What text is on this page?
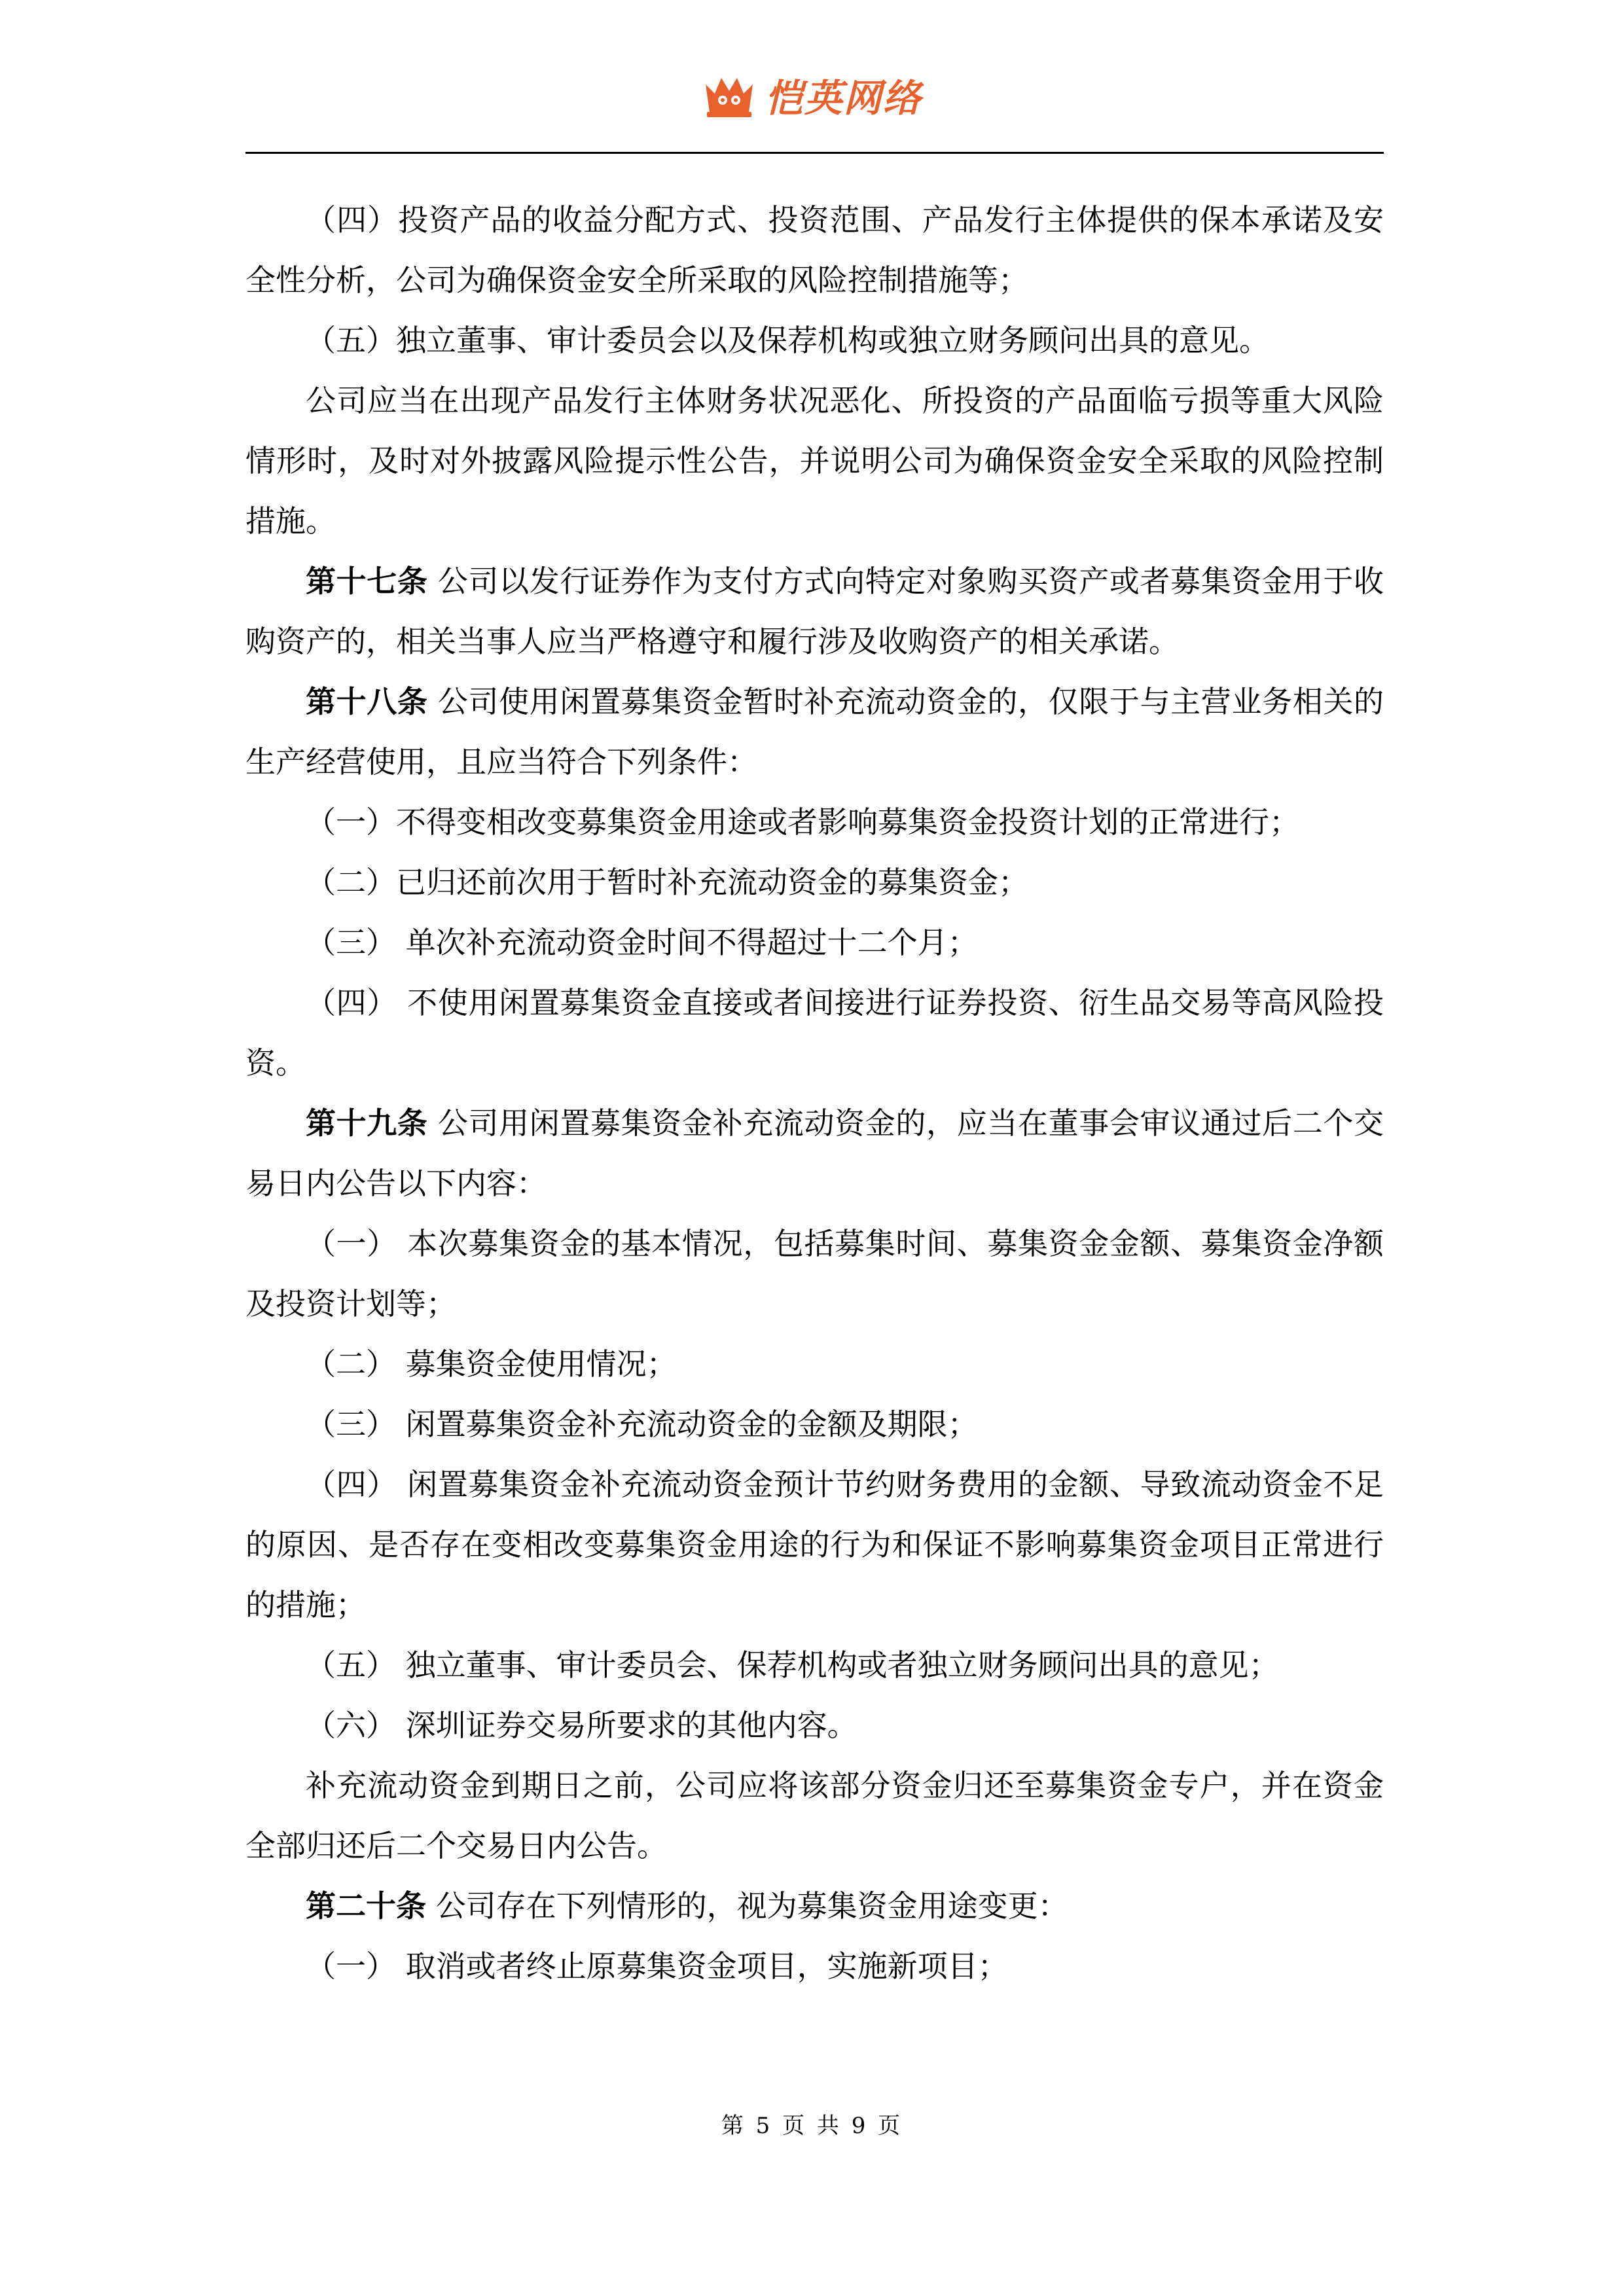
恺英网络

（四）投资产品的收益分配方式、投资范围、产品发行主体提供的保本承诺及安全性分析，公司为确保资金安全所采取的风险控制措施等；

（五）独立董事、审计委员会以及保荐机构或独立财务顾问出具的意见。

公司应当在出现产品发行主体财务状况恶化、所投资的产品面临亏损等重大风险情形时，及时对外披露风险提示性公告，并说明公司为确保资金安全采取的风险控制措施。

第十七条 公司以发行证券作为支付方式向特定对象购买资产或者募集资金用于收购资产的，相关当事人应当严格遵守和履行涉及收购资产的相关承诺。

第十八条 公司使用闲置募集资金暂时补充流动资金的，仅限于与主营业务相关的生产经营使用，且应当符合下列条件：

（一）不得变相改变募集资金用途或者影响募集资金投资计划的正常进行；

（二）已归还前次用于暂时补充流动资金的募集资金；

（三） 单次补充流动资金时间不得超过十二个月；

（四） 不使用闲置募集资金直接或者间接进行证券投资、衍生品交易等高风险投资。

第十九条 公司用闲置募集资金补充流动资金的，应当在董事会审议通过后二个交易日内公告以下内容：

（一） 本次募集资金的基本情况，包括募集时间、募集资金金额、募集资金净额及投资计划等；

（二） 募集资金使用情况；

（三） 闲置募集资金补充流动资金的金额及期限；

（四） 闲置募集资金补充流动资金预计节约财务费用的金额、导致流动资金不足的原因、是否存在变相改变募集资金用途的行为和保证不影响募集资金项目正常进行的措施；

（五） 独立董事、审计委员会、保荐机构或者独立财务顾问出具的意见；

（六） 深圳证券交易所要求的其他内容。

补充流动资金到期日之前，公司应将该部分资金归还至募集资金专户，并在资金全部归还后二个交易日内公告。

第二十条 公司存在下列情形的，视为募集资金用途变更：

（一） 取消或者终止原募集资金项目，实施新项目；

第 5 页 共 9 页
